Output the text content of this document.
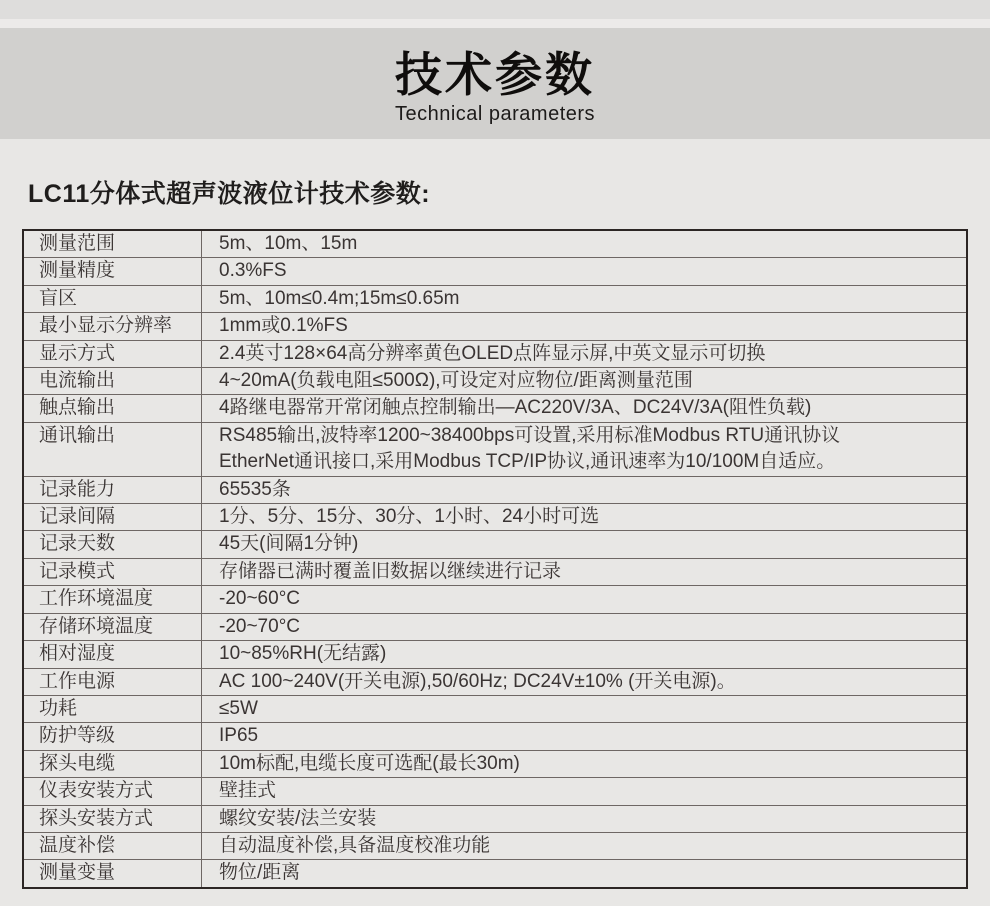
技术参数
Technical parameters
LC11分体式超声波液位计技术参数:
测量范围	5m、10m、15m
测量精度	0.3%FS
盲区	5m、10m≤0.4m;15m≤0.65m
最小显示分辨率	1mm或0.1%FS
显示方式	2.4英寸128×64高分辨率黄色OLED点阵显示屏,中英文显示可切换
电流输出	4~20mA(负载电阻≤500Ω),可设定对应物位/距离测量范围
触点输出	4路继电器常开常闭触点控制输出—AC220V/3A、DC24V/3A(阻性负载)
通讯输出	RS485输出,波特率1200~38400bps可设置,采用标准Modbus RTU通讯协议
EtherNet通讯接口,采用Modbus TCP/IP协议,通讯速率为10/100M自适应。
记录能力	65535条
记录间隔	1分、5分、15分、30分、1小时、24小时可选
记录天数	45天(间隔1分钟)
记录模式	存储器已满时覆盖旧数据以继续进行记录
工作环境温度	-20~60°C
存储环境温度	-20~70°C
相对湿度	10~85%RH(无结露)
工作电源	AC 100~240V(开关电源),50/60Hz; DC24V±10% (开关电源)。
功耗	≤5W
防护等级	IP65
探头电缆	10m标配,电缆长度可选配(最长30m)
仪表安装方式	壁挂式
探头安装方式	螺纹安装/法兰安装
温度补偿	自动温度补偿,具备温度校准功能
测量变量	物位/距离
